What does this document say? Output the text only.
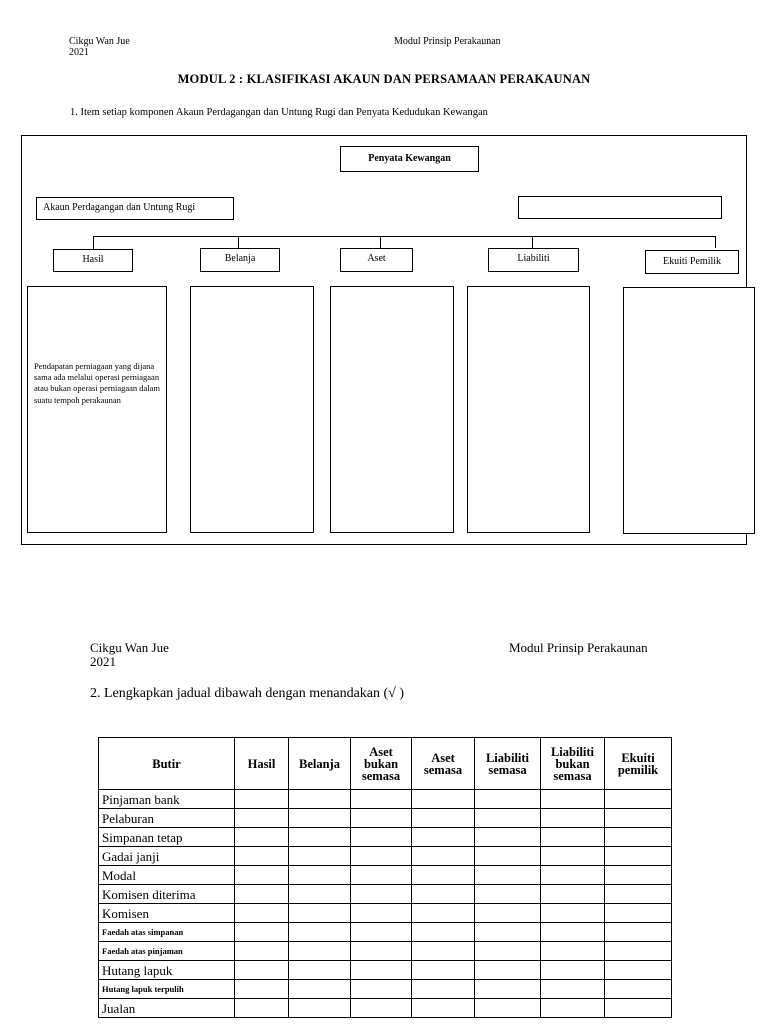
Cikgu Wan Jue
2021
Modul Prinsip Perakaunan
MODUL 2 : KLASIFIKASI AKAUN DAN PERSAMAAN PERAKAUNAN
1. Item setiap komponen Akaun Perdagangan dan Untung Rugi dan Penyata Kedudukan Kewangan
Penyata Kewangan
Akaun Perdagangan dan Untung Rugi
Hasil	Belanja	Aset	Liabiliti	Ekuiti Pemilik
Pendapatan perniagaan yang dijana sama ada melalui operasi perniagaan atau bukan operasi perniagaan dalam suatu tempoh perakaunan
Cikgu Wan Jue
2021
Modul Prinsip Perakaunan
2. Lengkapkan jadual dibawah dengan menandakan (√ )
Butir	Hasil	Belanja	Aset bukan semasa	Aset semasa	Liabiliti semasa	Liabiliti bukan semasa	Ekuiti pemilik
Pinjaman bank							
Pelaburan							
Simpanan tetap							
Gadai janji							
Modal							
Komisen diterima							
Komisen							
Faedah atas simpanan							
Faedah atas pinjaman							
Hutang lapuk							
Hutang lapuk terpulih							
Jualan							
